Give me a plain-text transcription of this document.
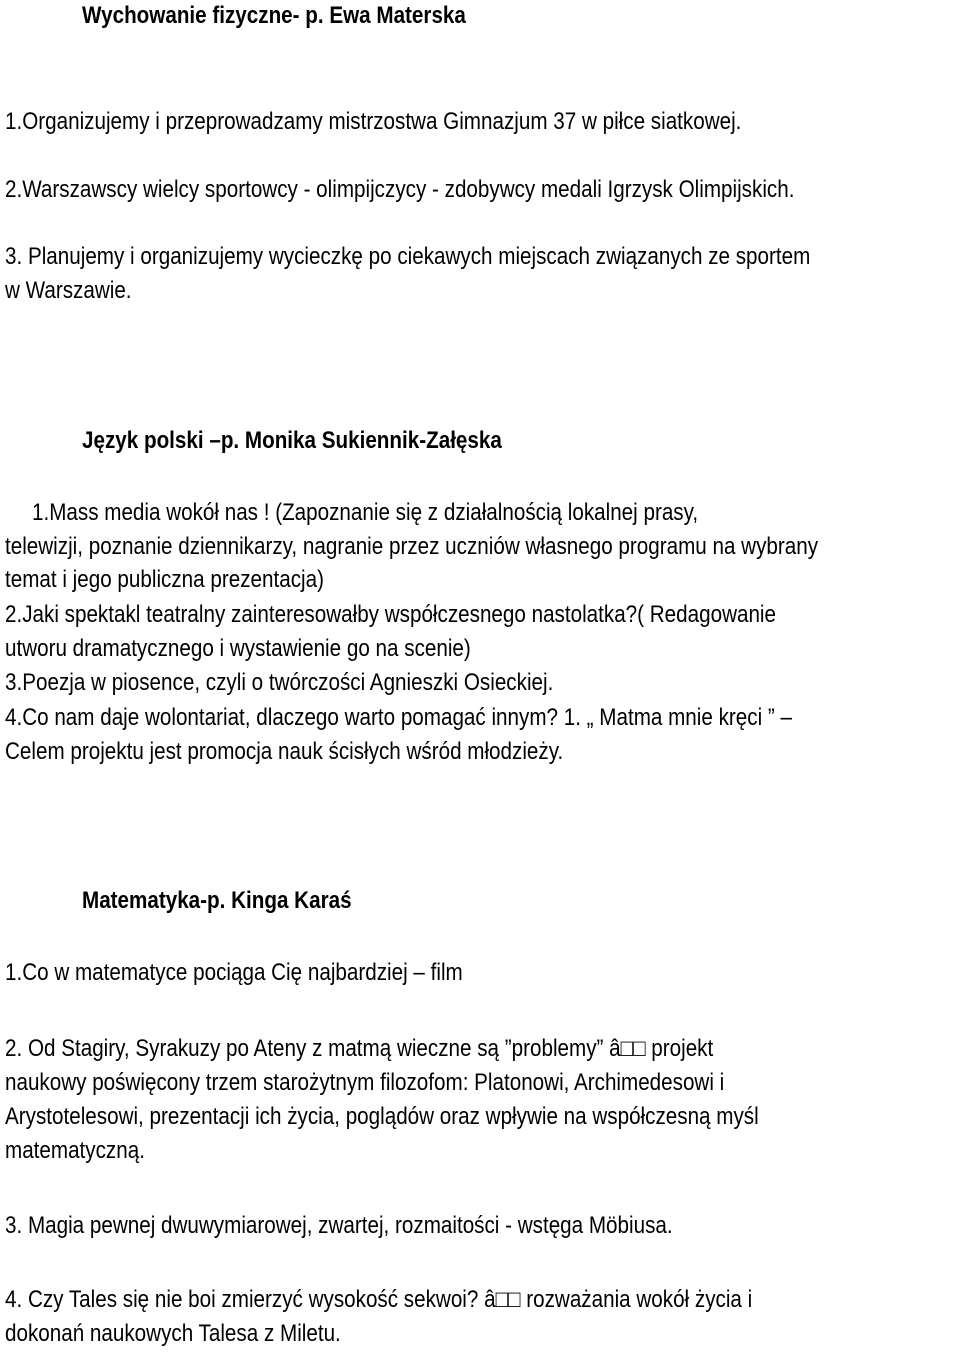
Wychowanie fizyczne- p. Ewa Materska
1.Organizujemy i przeprowadzamy mistrzostwa Gimnazjum 37 w piłce siatkowej.
2.Warszawscy wielcy sportowcy - olimpijczycy - zdobywcy medali Igrzysk Olimpijskich.
3. Planujemy i organizujemy wycieczkę po ciekawych miejscach związanych ze sportem
w Warszawie.
Język polski –p. Monika Sukiennik-Załęska
1.Mass media wokół nas ! (Zapoznanie się z działalnością lokalnej prasy,
telewizji, poznanie dziennikarzy, nagranie przez uczniów własnego programu na wybrany
temat i jego publiczna prezentacja)
2.Jaki spektakl teatralny zainteresowałby współczesnego nastolatka?( Redagowanie
utworu dramatycznego i wystawienie go na scenie)
3.Poezja w piosence, czyli o twórczości Agnieszki Osieckiej.
4.Co nam daje wolontariat, dlaczego warto pomagać innym? 1. „ Matma mnie kręci ” –
Celem projektu jest promocja nauk ścisłych wśród młodzieży.
Matematyka-p. Kinga Karaś
1.Co w matematyce pociąga Cię najbardziej – film
2. Od Stagiry, Syrakuzy po Ateny z matmą wieczne są ”problemy” â□□ projekt
naukowy poświęcony trzem starożytnym filozofom: Platonowi, Archimedesowi i
Arystotelesowi, prezentacji ich życia, poglądów oraz wpływie na współczesną myśl
matematyczną.
3. Magia pewnej dwuwymiarowej, zwartej, rozmaitości - wstęga Möbiusa.
4. Czy Tales się nie boi zmierzyć wysokość sekwoi? â□□ rozważania wokół życia i
dokonań naukowych Talesa z Miletu.
